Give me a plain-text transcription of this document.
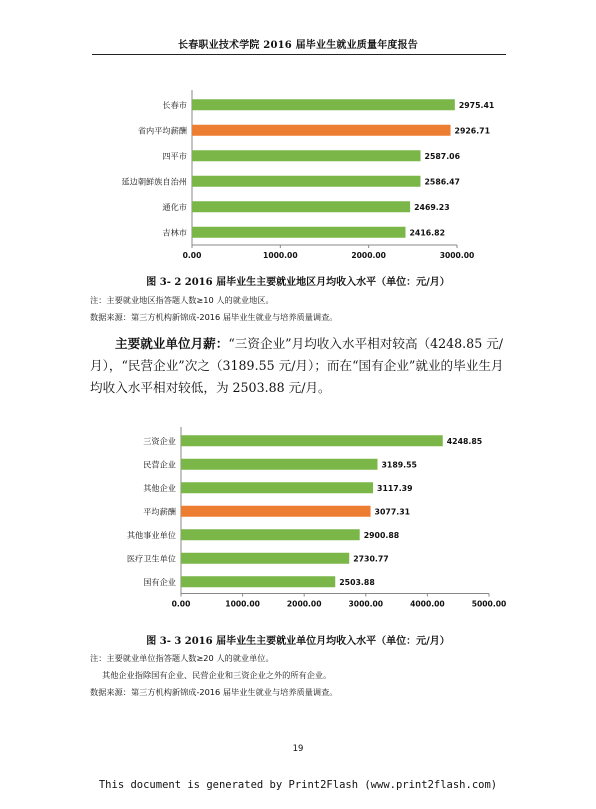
长春职业技术学院 2016 届毕业生就业质量年度报告
0.00	1000.00	2000.00	3000.00
长春市	2975.41
省内平均薪酬	2926.71
四平市	2587.06
延边朝鲜族自治州	2586.47
通化市	2469.23
吉林市	2416.82
图 3- 2 2016 届毕业生主要就业地区月均收入水平（单位：元/月）
注：主要就业地区指答题人数≥10 人的就业地区。
数据来源：第三方机构新锦成-2016 届毕业生就业与培养质量调查。
主要就业单位月薪：“三资企业”月均收入水平相对较高（4248.85 元/月），“民营企业”次之（3189.55 元/月）；而在“国有企业”就业的毕业生月均收入水平相对较低，为 2503.88 元/月。
0.00	1000.00	2000.00	3000.00	4000.00	5000.00
三资企业	4248.85
民营企业	3189.55
其他企业	3117.39
平均薪酬	3077.31
其他事业单位	2900.88
医疗卫生单位	2730.77
国有企业	2503.88
图 3- 3 2016 届毕业生主要就业单位月均收入水平（单位：元/月）
注：主要就业单位指答题人数≥20 人的就业单位。
其他企业指除国有企业、民营企业和三资企业之外的所有企业。
数据来源：第三方机构新锦成-2016 届毕业生就业与培养质量调查。
19
This document is generated by Print2Flash (www.print2flash.com)
